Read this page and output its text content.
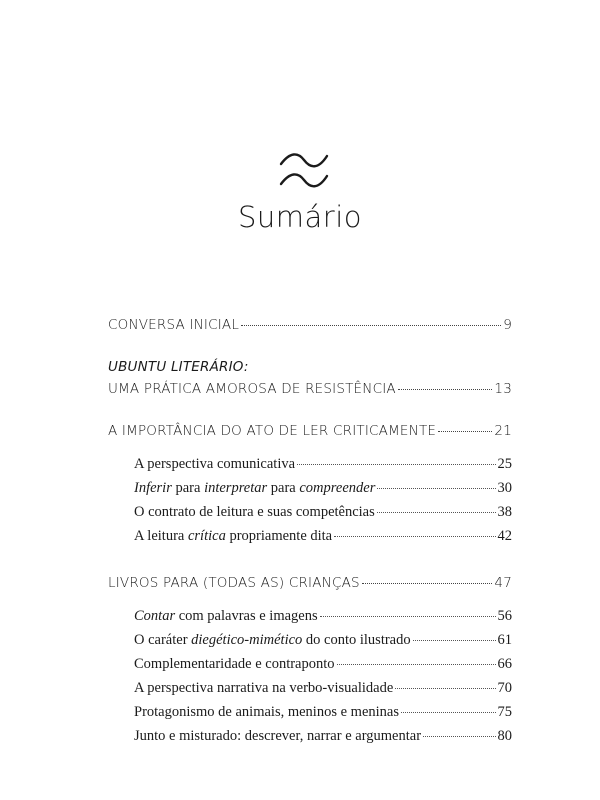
Sumário
CONVERSA INICIAL	9
UBUNTU LITERÁRIO:
UMA PRÁTICA AMOROSA DE RESISTÊNCIA	13
A IMPORTÂNCIA DO ATO DE LER CRITICAMENTE	21
A perspectiva comunicativa	25
Inferir para interpretar para compreender	30
O contrato de leitura e suas competências	38
A leitura crítica propriamente dita	42
LIVROS PARA (TODAS AS) CRIANÇAS	47
Contar com palavras e imagens	56
O caráter diegético-mimético do conto ilustrado	61
Complementaridade e contraponto	66
A perspectiva narrativa na verbo-visualidade	70
Protagonismo de animais, meninos e meninas	75
Junto e misturado: descrever, narrar e argumentar	80
